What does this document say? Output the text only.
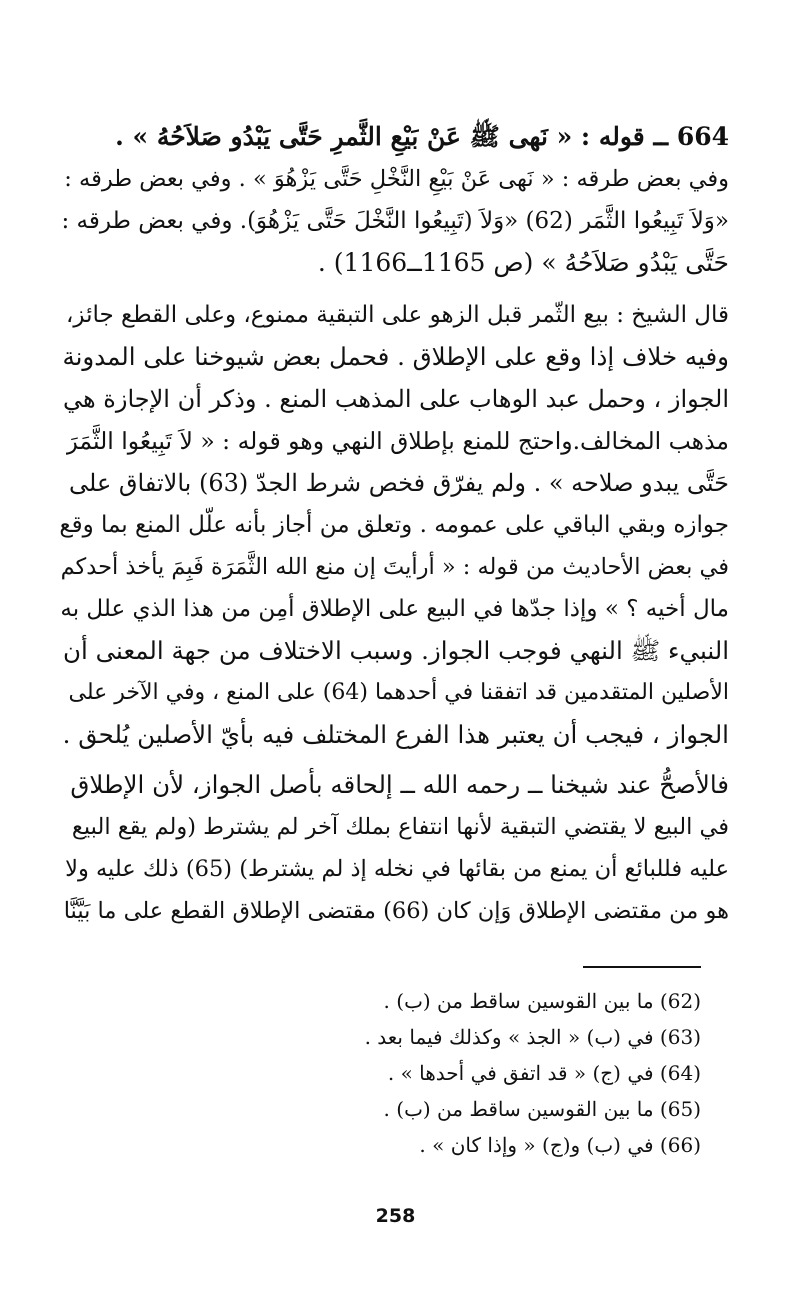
664 ــ قوله : « نَهى ﷺ عَنْ بَيْعِ الثَّمرِ حَتَّى يَبْدُو صَلاَحُهُ » .
وفي بعض طرقه : « نَهى عَنْ بَيْعِ النَّخْلِ حَتَّى يَزْهُوَ » . وفي بعض طرقه :
«وَلاَ تَبِيعُوا الثَّمَر (62) «وَلاَ (تَبِيعُوا النَّخْلَ حَتَّى يَزْهُوَ). وفي بعض طرقه :
حَتَّى يَبْدُو صَلاَحُهُ » (ص 1165ــ1166) .
قال الشيخ : بيع الثّمر قبل الزهو على التبقية ممنوع، وعلى القطع جائز،
وفيه خلاف إذا وقع على الإطلاق . فحمل بعض شيوخنا على المدونة
الجواز ، وحمل عبد الوهاب على المذهب المنع . وذكر أن الإجازة هي
مذهب المخالف.واحتج للمنع بإطلاق النهي وهو قوله : « لاَ تَبِيعُوا الثَّمَرَ
حَتَّى يبدو صلاحه » . ولم يفرّق فخص شرط الجدّ (63) بالاتفاق على
جوازه وبقي الباقي على عمومه . وتعلق من أجاز بأنه علّل المنع بما وقع
في بعض الأحاديث من قوله : « أرأيتَ إن منع الله الثَّمَرَة فَبِمَ يأخذ أحدكم
مال أخيه ؟ » وإذا جدّها في البيع على الإطلاق أمِن من هذا الذي علل به
النبيء ﷺ النهي فوجب الجواز. وسبب الاختلاف من جهة المعنى أن
الأصلين المتقدمين قد اتفقنا في أحدهما (64) على المنع ، وفي الآخر على
الجواز ، فيجب أن يعتبر هذا الفرع المختلف فيه بأيّ الأصلين يُلحق .
فالأصحُّ عند شيخنا ــ رحمه الله ــ إلحاقه بأصل الجواز، لأن الإطلاق
في البيع لا يقتضي التبقية لأنها انتفاع بملك آخر لم يشترط (ولم يقع البيع
عليه فللبائع أن يمنع من بقائها في نخله إذ لم يشترط) (65) ذلك عليه ولا
هو من مقتضى الإطلاق وَإن كان (66) مقتضى الإطلاق القطع على ما بَيَّنَّا
(62) ما بين القوسين ساقط من (ب) .
(63) في (ب) « الجذ » وكذلك فيما بعد .
(64) في (ج) « قد اتفق في أحدها » .
(65) ما بين القوسين ساقط من (ب) .
(66) في (ب) و(ج) « وإذا كان » .
258
